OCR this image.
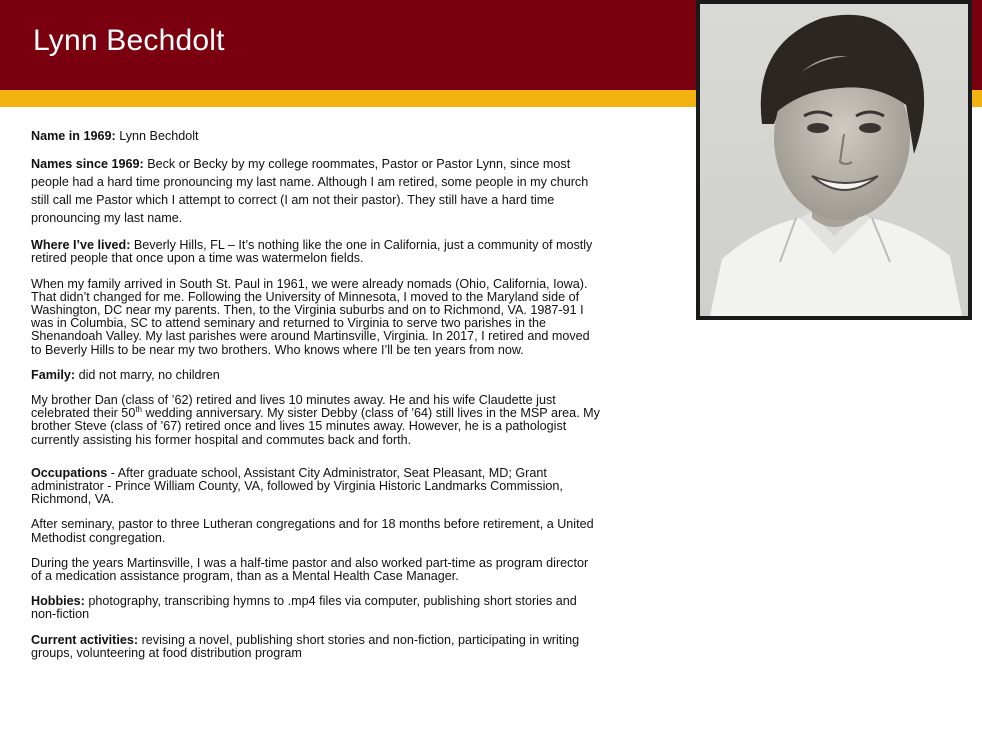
Lynn Bechdolt

Name in 1969: Lynn Bechdolt

Names since 1969: Beck or Becky by my college roommates, Pastor or Pastor Lynn, since most people had a hard time pronouncing my last name. Although I am retired, some people in my church still call me Pastor which I attempt to correct (I am not their pastor). They still have a hard time pronouncing my last name.

Where I’ve lived: Beverly Hills, FL – It’s nothing like the one in California, just a community of mostly retired people that once upon a time was watermelon fields.

When my family arrived in South St. Paul in 1961, we were already nomads (Ohio, California, Iowa). That didn’t changed for me. Following the University of Minnesota, I moved to the Maryland side of Washington, DC near my parents. Then, to the Virginia suburbs and on to Richmond, VA. 1987-91 I was in Columbia, SC to attend seminary and returned to Virginia to serve two parishes in the Shenandoah Valley. My last parishes were around Martinsville, Virginia. In 2017, I retired and moved to Beverly Hills to be near my two brothers. Who knows where I’ll be ten years from now.

Family: did not marry, no children

My brother Dan (class of ’62) retired and lives 10 minutes away. He and his wife Claudette just celebrated their 50th wedding anniversary. My sister Debby (class of ’64) still lives in the MSP area. My brother Steve (class of ’67) retired once and lives 15 minutes away. However, he is a pathologist currently assisting his former hospital and commutes back and forth.

Occupations - After graduate school, Assistant City Administrator, Seat Pleasant, MD; Grant administrator - Prince William County, VA, followed by Virginia Historic Landmarks Commission, Richmond, VA.

After seminary, pastor to three Lutheran congregations and for 18 months before retirement, a United Methodist congregation.

During the years Martinsville, I was a half-time pastor and also worked part-time as program director of a medication assistance program, than as a Mental Health Case Manager.

Hobbies: photography, transcribing hymns to .mp4 files via computer, publishing short stories and non-fiction

Current activities: revising a novel, publishing short stories and non-fiction, participating in writing groups, volunteering at food distribution program
